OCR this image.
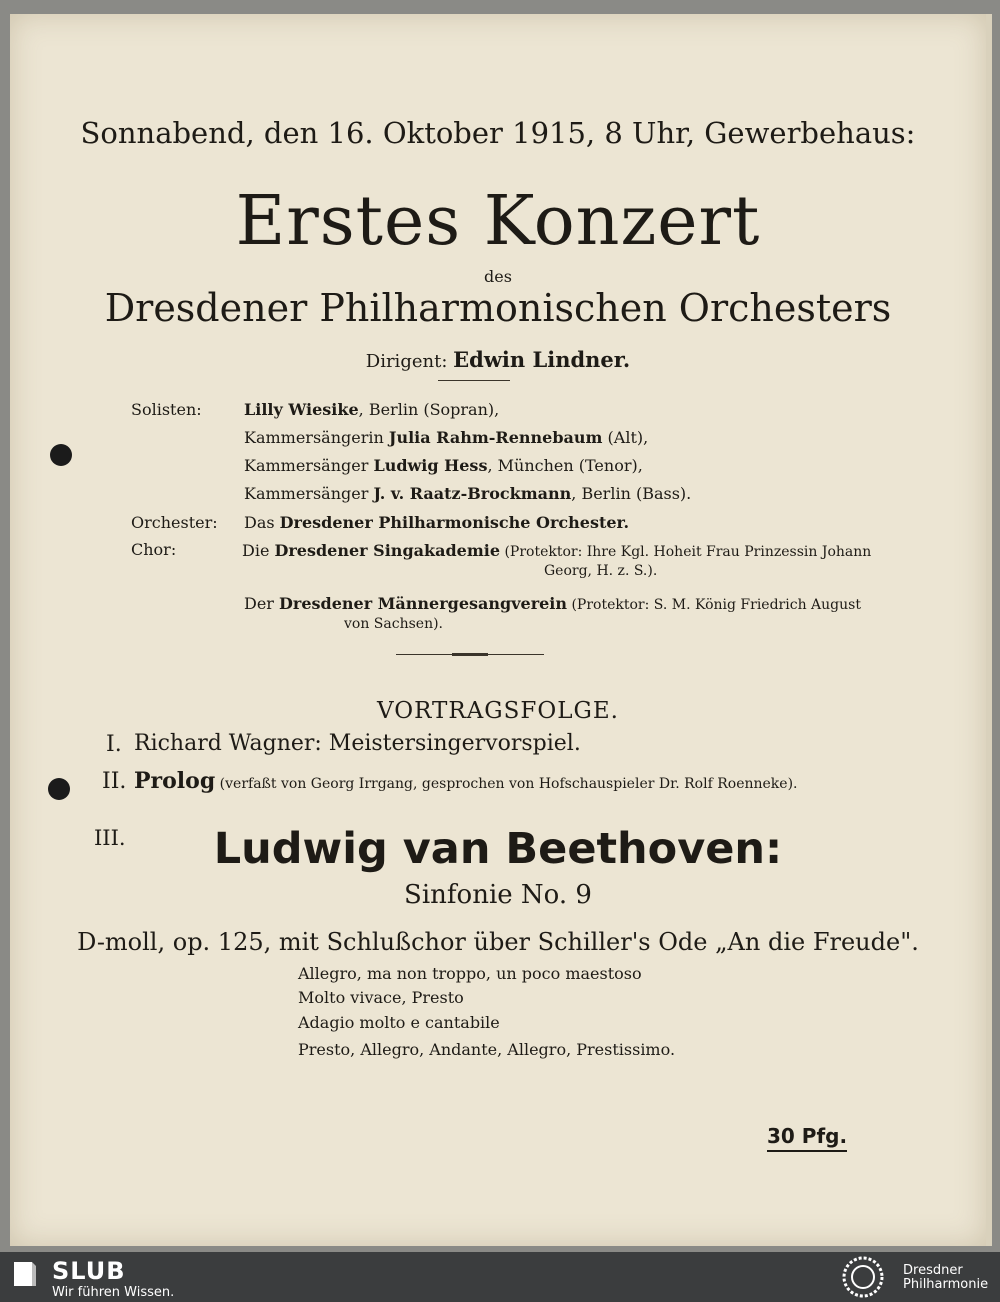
Sonnabend, den 16. Oktober 1915, 8 Uhr, Gewerbehaus:
Erstes Konzert
des
Dresdener Philharmonischen Orchesters
Dirigent: Edwin Lindner.
Solisten:	Lilly Wiesike, Berlin (Sopran),
Kammersängerin Julia Rahm-Rennebaum (Alt),
Kammersänger Ludwig Hess, München (Tenor),
Kammersänger J. v. Raatz-Brockmann, Berlin (Bass).
Orchester: Das Dresdener Philharmonische Orchester.
Chor:	Die Dresdener Singakademie (Protektor: Ihre Kgl. Hoheit Frau Prinzessin Johann
Georg, H. z. S.).
Der Dresdener Männergesangverein (Protektor: S. M. König Friedrich August
von Sachsen).
VORTRAGSFOLGE.
I. Richard Wagner: Meistersingervorspiel.
II. Prolog (verfaßt von Georg Irrgang, gesprochen von Hofschauspieler Dr. Rolf Roenneke).
III.	Ludwig van Beethoven:
Sinfonie No. 9
D-moll, op. 125, mit Schlußchor über Schiller's Ode „An die Freude".
Allegro, ma non troppo, un poco maestoso
Molto vivace, Presto
Adagio molto e cantabile
Presto, Allegro, Andante, Allegro, Prestissimo.
30 Pfg.
SLUB
Wir führen Wissen.
Dresdner
Philharmonie
